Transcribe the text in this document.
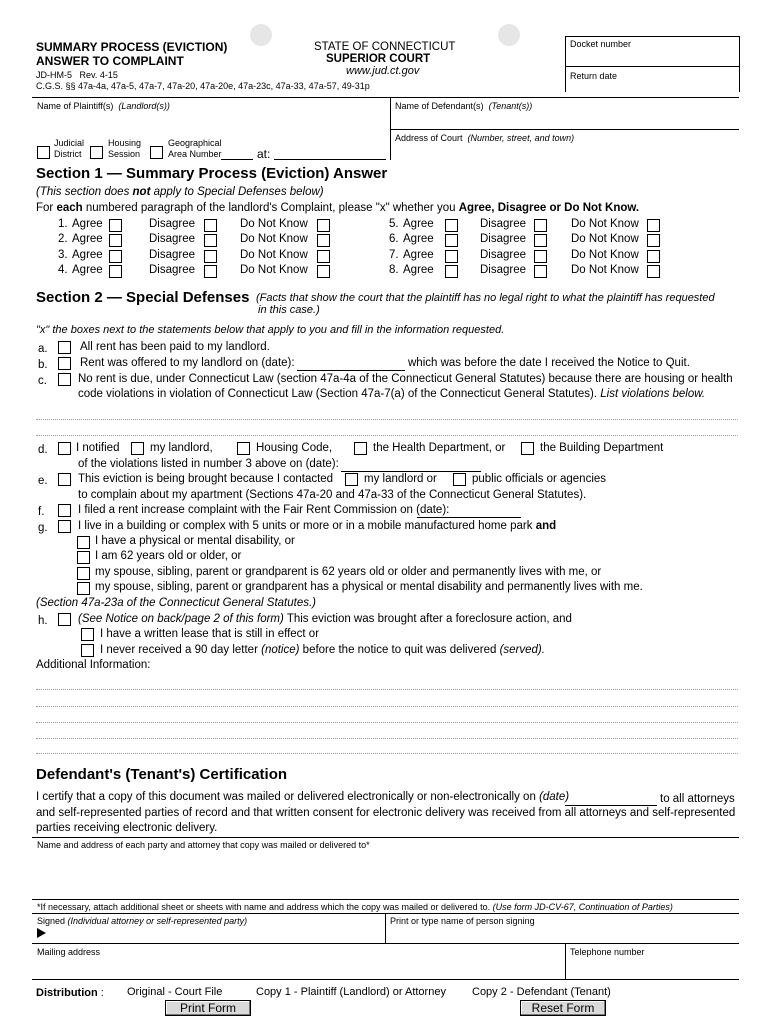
SUMMARY PROCESS (EVICTION)
ANSWER TO COMPLAINT
JD-HM-5   Rev. 4-15
C.G.S. §§ 47a-4a, 47a-5, 47a-7, 47a-20, 47a-20e, 47a-23c, 47a-33, 47a-57, 49-31p
STATE OF CONNECTICUT
SUPERIOR COURT
www.jud.ct.gov
Docket number
Return date
Name of Plaintiff(s) (Landlord(s))	Name of Defendant(s) (Tenant(s))
Address of Court (Number, street, and town)
Judicial
District
Housing
Session
Geographical
Area Number	at:
Section 1 — Summary Process (Eviction) Answer
(This section does not apply to Special Defenses below)
For each numbered paragraph of the landlord's Complaint, please "x" whether you Agree, Disagree or Do Not Know.
1. Agree	Disagree	Do Not Know
2. Agree	Disagree	Do Not Know
3. Agree	Disagree	Do Not Know
4. Agree	Disagree	Do Not Know
5. Agree	Disagree	Do Not Know
6. Agree	Disagree	Do Not Know
7. Agree	Disagree	Do Not Know
8. Agree	Disagree	Do Not Know
Section 2 — Special Defenses (Facts that show the court that the plaintiff has no legal right to what the plaintiff has requested
in this case.)
"x" the boxes next to the statements below that apply to you and fill in the information requested.
a.	All rent has been paid to my landlord.
b.	Rent was offered to my landlord on (date):	which was before the date I received the Notice to Quit.
c.	No rent is due, under Connecticut Law (section 47a-4a of the Connecticut General Statutes) because there are housing or health
code violations in violation of Connecticut Law (Section 47a-7(a) of the Connecticut General Statutes). List violations below.
d. I notified	my landlord,	Housing Code,	the Health Department, or	the Building Department
of the violations listed in number 3 above on (date):
e.	This eviction is being brought because I contacted	my landlord or	public officials or agencies
to complain about my apartment (Sections 47a-20 and 47a-33 of the Connecticut General Statutes).
f.	I filed a rent increase complaint with the Fair Rent Commission on (date):
g.	I live in a building or complex with 5 units or more or in a mobile manufactured home park and
I have a physical or mental disability, or
I am 62 years old or older, or
my spouse, sibling, parent or grandparent is 62 years old or older and permanently lives with me, or
my spouse, sibling, parent or grandparent has a physical or mental disability and permanently lives with me.
(Section 47a-23a of the Connecticut General Statutes.)
h.	(See Notice on back/page 2 of this form) This eviction was brought after a foreclosure action, and
I have a written lease that is still in effect or
I never received a 90 day letter (notice) before the notice to quit was delivered (served).
Additional Information:
Defendant's (Tenant's) Certification
I certify that a copy of this document was mailed or delivered electronically or non-electronically on (date)	to all attorneys
and self-represented parties of record and that written consent for electronic delivery was received from all attorneys and self-represented
parties receiving electronic delivery.
Name and address of each party and attorney that copy was mailed or delivered to*
*If necessary, attach additional sheet or sheets with name and address which the copy was mailed or delivered to. (Use form JD-CV-67, Continuation of Parties)
Signed (Individual attorney or self-represented party)	Print or type name of person signing
Mailing address	Telephone number
Distribution : Original - Court File	Copy 1 - Plaintiff (Landlord) or Attorney Copy 2 - Defendant (Tenant)
Print Form	Reset Form
